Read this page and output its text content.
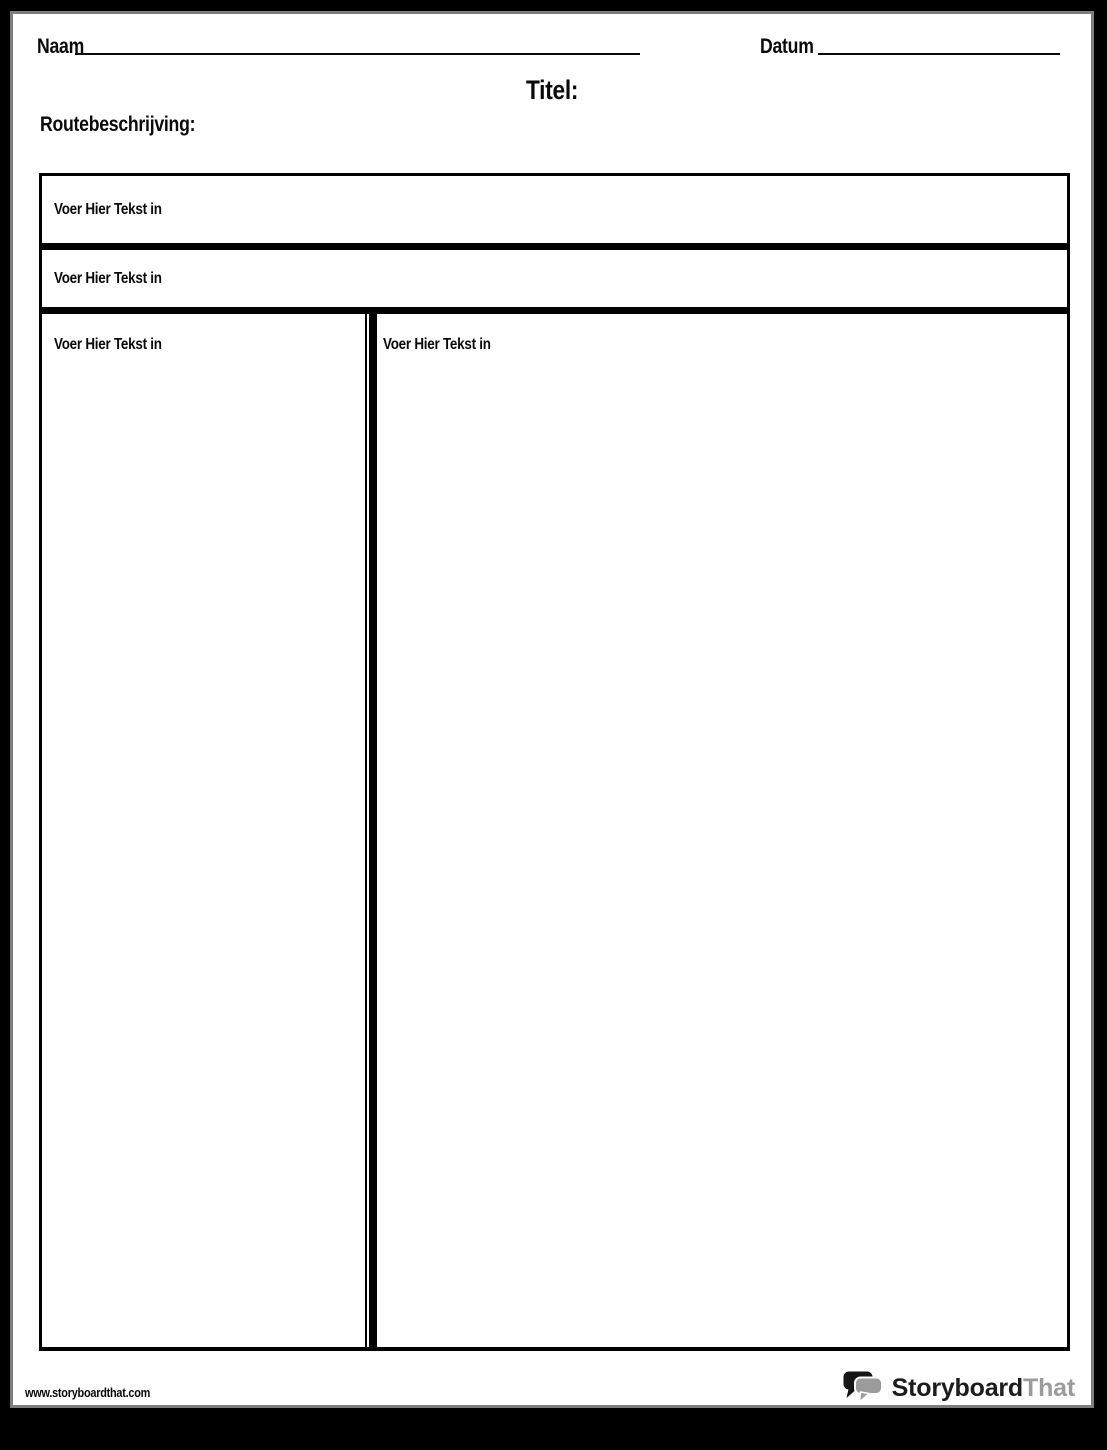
Naam	Datum
Titel:
Routebeschrijving:
Voer Hier Tekst in
Voer Hier Tekst in
Voer Hier Tekst in	Voer Hier Tekst in
www.storyboardthat.com	StoryboardThat
